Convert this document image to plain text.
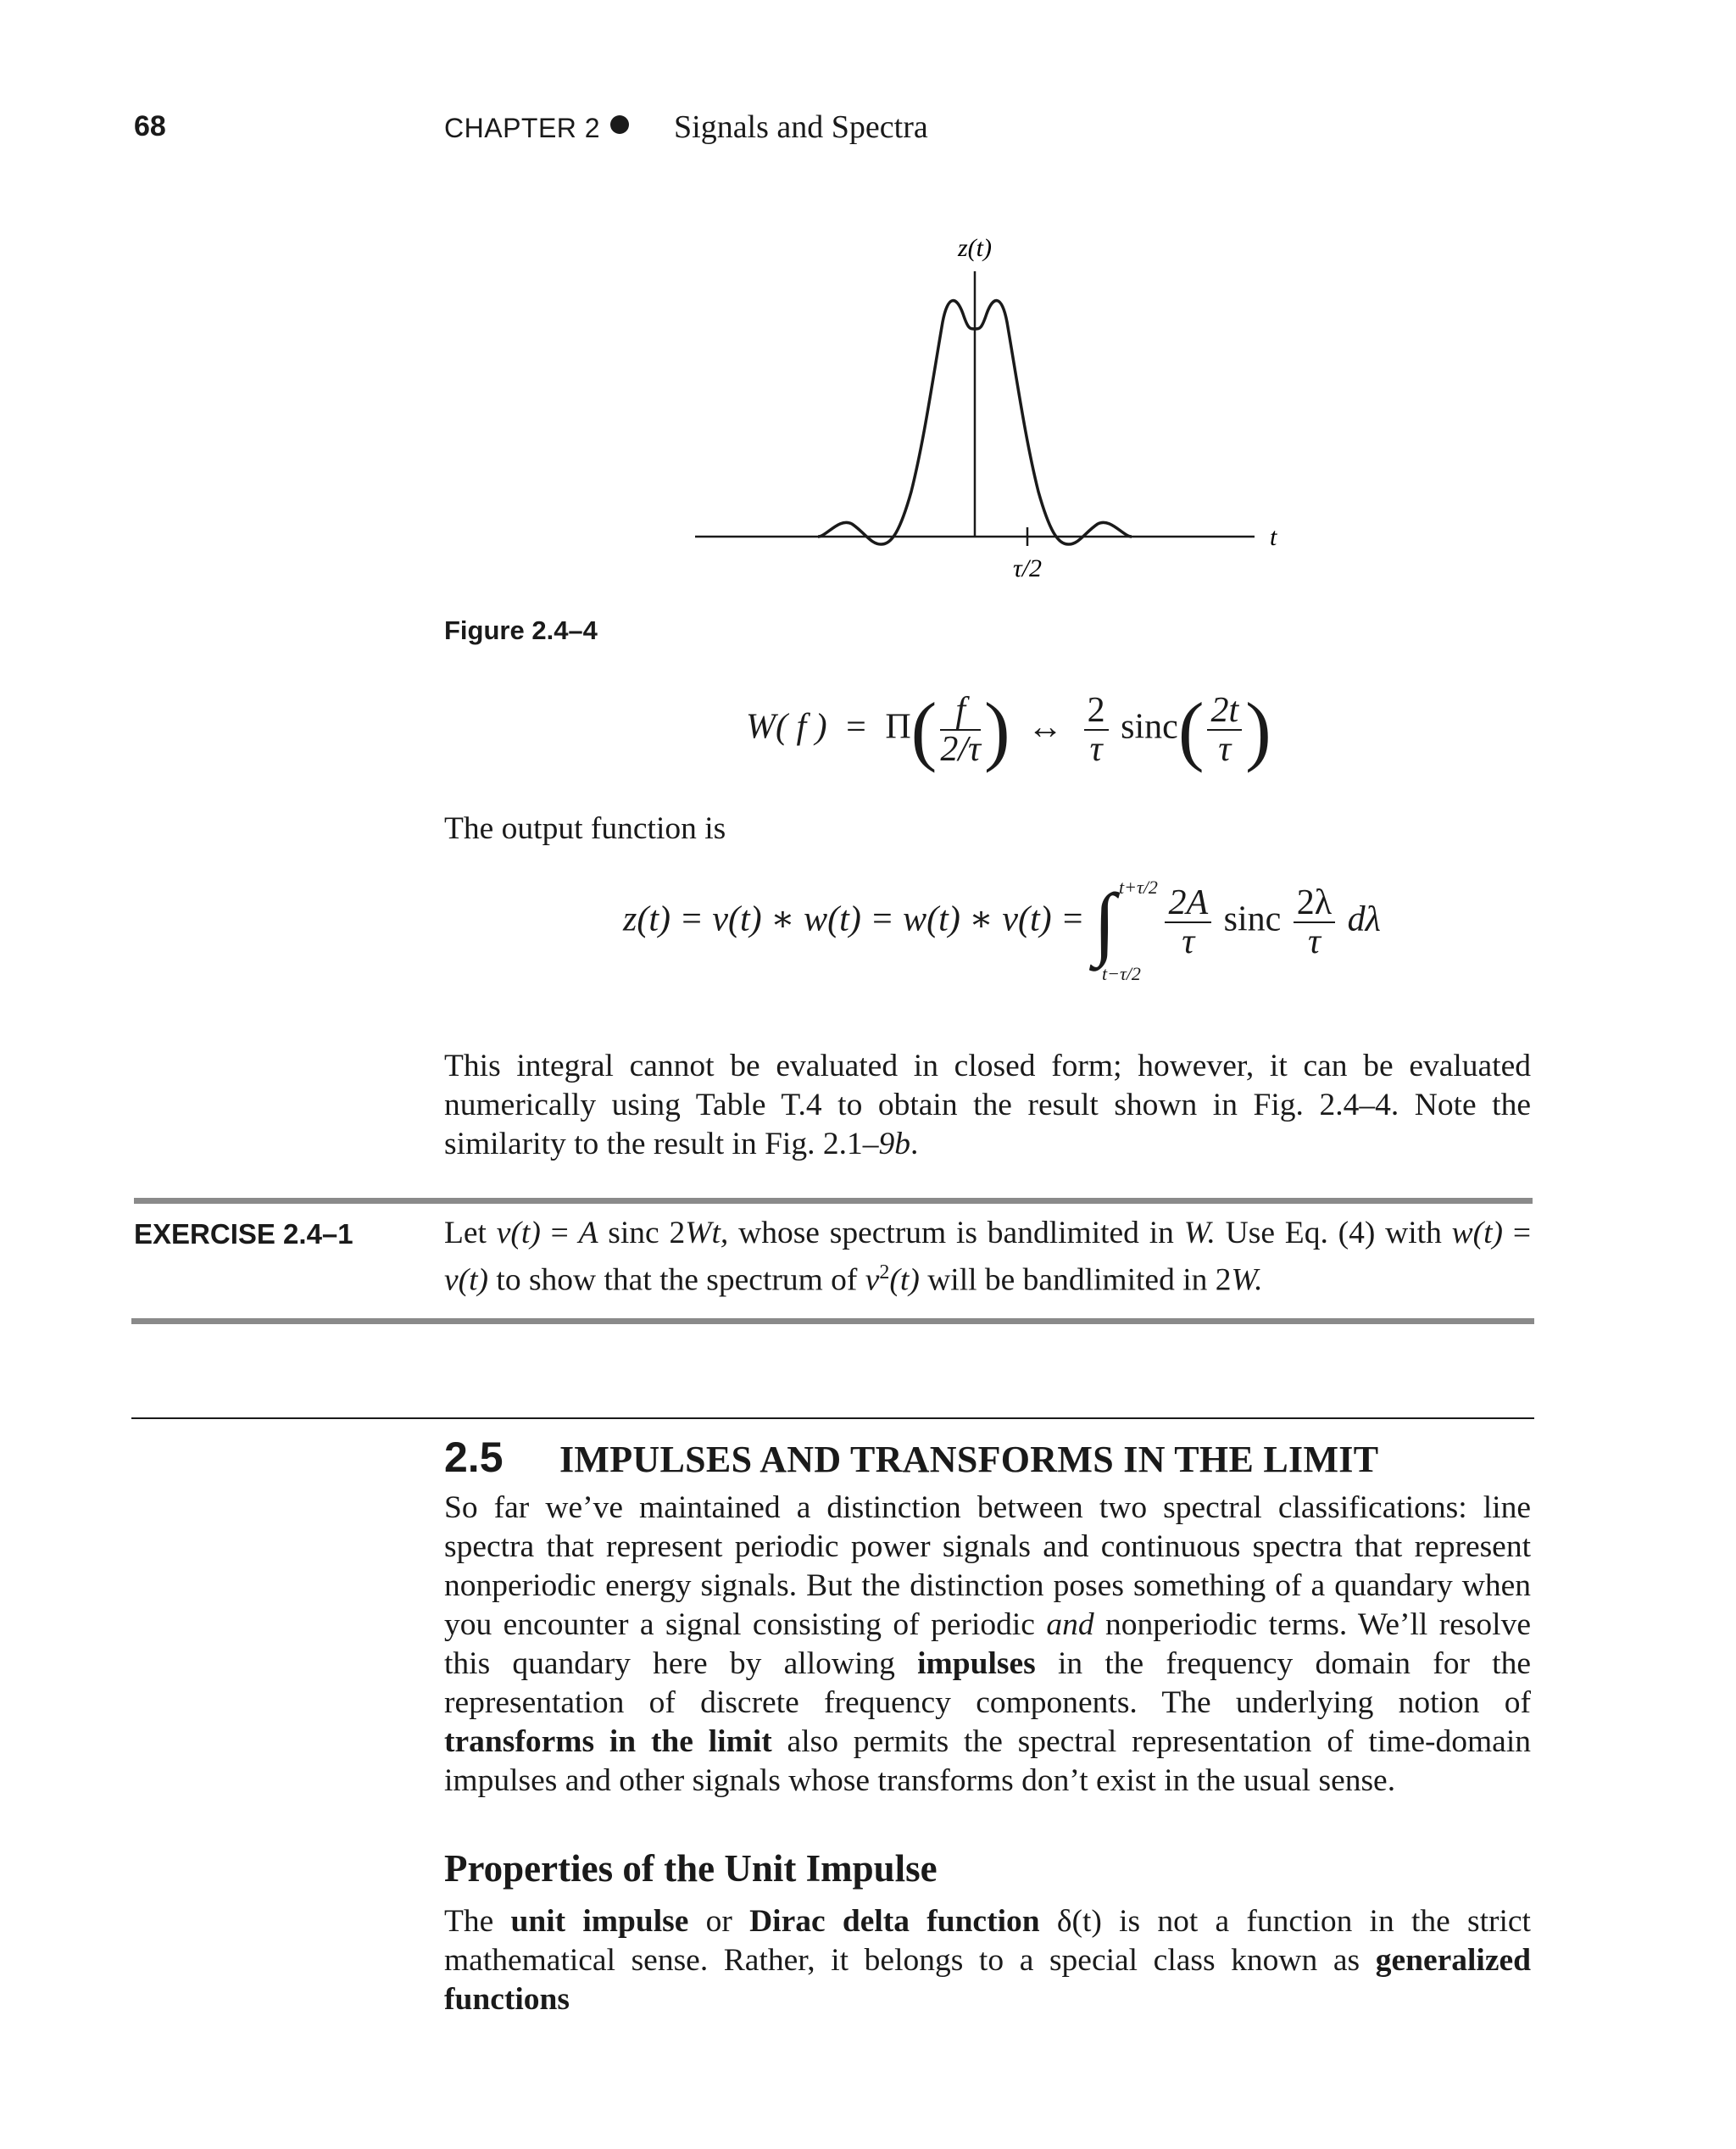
68	CHAPTER 2 Signals and Spectra
z(t)
t
τ/2
Figure 2.4–4
W( f ) = $\Pi( \frac{f}{2/\tau}$ ) ↔ $\frac{2}{\tau} \sin c( \frac{2t}{\tau}$ )
The output function is
z(t) = v(t) ∗ w(t) = w(t) ∗ v(t) = ∫ t+τ/2
t−τ/2

$\frac{2A}{\tau}$ sinc $\frac{2\lambda}{\tau}$ dλ
This integral cannot be evaluated in closed form; however, it can be evaluated numerically using Table T.4 to obtain the result shown in Fig. 2.4–4. Note the similarity to the result in Fig. 2.1–9b.
EXERCISE 2.4–1	Let v(t) = A sinc 2Wt, whose spectrum is bandlimited in W. Use Eq. (4) with w(t) = v(t) to show that the spectrum of $v^2(t)$ will be bandlimited in 2W.
2.5 IMPULSES AND TRANSFORMS IN THE LIMIT
So far we’ve maintained a distinction between two spectral classifications: line spectra that represent periodic power signals and continuous spectra that represent nonperiodic energy signals. But the distinction poses something of a quandary when you encounter a signal consisting of periodic and nonperiodic terms. We’ll resolve this quandary here by allowing impulses in the frequency domain for the representation of discrete frequency components. The underlying notion of transforms in the limit also permits the spectral representation of time-domain impulses and other signals whose transforms don’t exist in the usual sense.
Properties of the Unit Impulse
The unit impulse or Dirac delta function δ(t) is not a function in the strict mathematical sense. Rather, it belongs to a special class known as generalized functions
